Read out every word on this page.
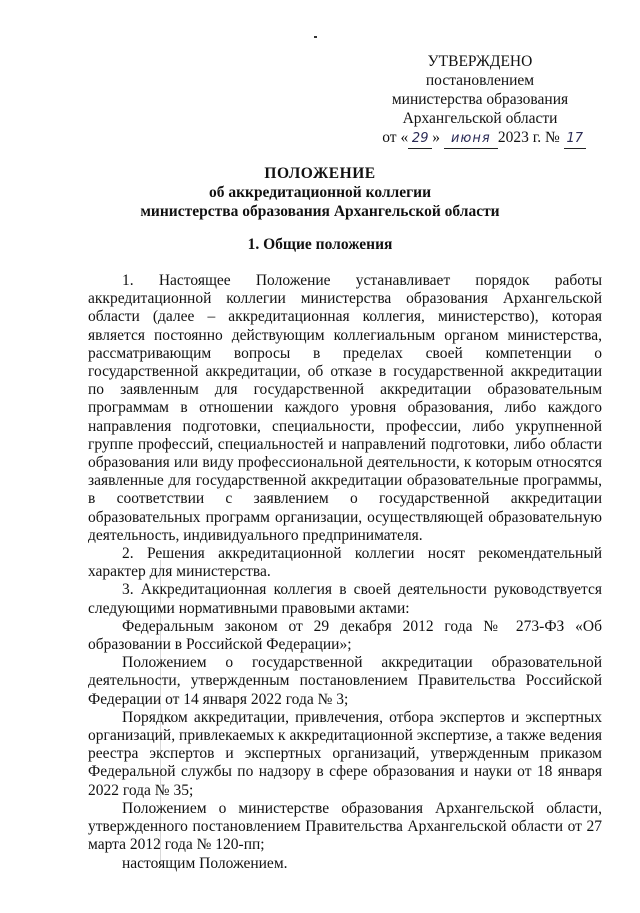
УТВЕРЖДЕНО
постановлением
министерства образования
Архангельской области
от « 29 » июня 2023 г. № 17
ПОЛОЖЕНИЕ
об аккредитационной коллегии
министерства образования Архангельской области
1. Общие положения

1. Настоящее Положение устанавливает порядок работы аккредитационной коллегии министерства образования Архангельской области (далее – аккредитационная коллегия, министерство), которая является постоянно действующим коллегиальным органом министерства, рассматривающим вопросы в пределах своей компетенции о государственной аккредитации, об отказе в государственной аккредитации по заявленным для государственной аккредитации образовательным программам в отношении каждого уровня образования, либо каждого направления подготовки, специальности, профессии, либо укрупненной группе профессий, специальностей и направлений подготовки, либо области образования или виду профессиональной деятельности, к которым относятся заявленные для государственной аккредитации образовательные программы, в соответствии с заявлением о государственной аккредитации образовательных программ организации, осуществляющей образовательную деятельность, индивидуального предпринимателя.

2. Решения аккредитационной коллегии носят рекомендательный характер для министерства.

3. Аккредитационная коллегия в своей деятельности руководствуется следующими нормативными правовыми актами:

Федеральным законом от 29 декабря 2012 года № 273-ФЗ «Об образовании в Российской Федерации»;

Положением о государственной аккредитации образовательной деятельности, утвержденным постановлением Правительства Российской Федерации от 14 января 2022 года № 3;

Порядком аккредитации, привлечения, отбора экспертов и экспертных организаций, привлекаемых к аккредитационной экспертизе, а также ведения реестра экспертов и экспертных организаций, утвержденным приказом Федеральной службы по надзору в сфере образования и науки от 18 января 2022 года № 35;

Положением о министерстве образования Архангельской области, утвержденного постановлением Правительства Архангельской области от 27 марта 2012 года № 120-пп;

настоящим Положением.
